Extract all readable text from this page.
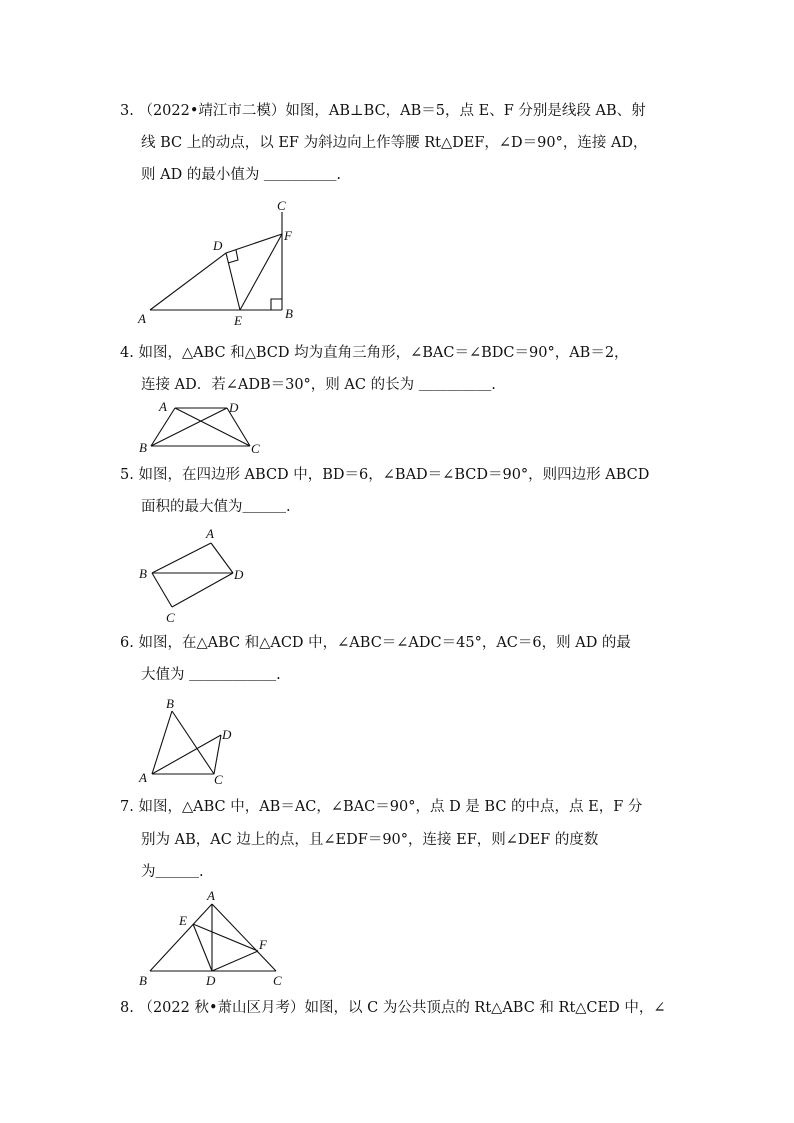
3. （2022•靖江市二模）如图，AB⊥BC，AB＝5，点 E、F 分别是线段 AB、射
线 BC 上的动点，以 EF 为斜边向上作等腰 Rt△DEF，∠D＝90°，连接 AD，
则 AD 的最小值为 ＿＿＿＿＿.
A	B
C
D
E
F
4. 如图，△ABC 和△BCD 均为直角三角形，∠BAC＝∠BDC＝90°，AB＝2，
连接 AD．若∠ADB＝30°，则 AC 的长为 ＿＿＿＿＿.
A
B	C
D
5. 如图，在四边形 ABCD 中，BD＝6，∠BAD＝∠BCD＝90°，则四边形 ABCD
面积的最大值为＿＿＿.
A
B
C
D
6. 如图，在△ABC 和△ACD 中，∠ABC＝∠ADC＝45°，AC＝6，则 AD 的最
大值为 ＿＿＿＿＿＿.
A
B
C
D
7. 如图，△ABC 中，AB＝AC，∠BAC＝90°，点 D 是 BC 的中点，点 E，F 分
别为 AB，AC 边上的点，且∠EDF＝90°，连接 EF，则∠DEF 的度数
为＿＿＿.
A
B	C
D
E
F
8. （2022 秋•萧山区月考）如图，以 C 为公共顶点的 Rt△ABC 和 Rt△CED 中，∠
